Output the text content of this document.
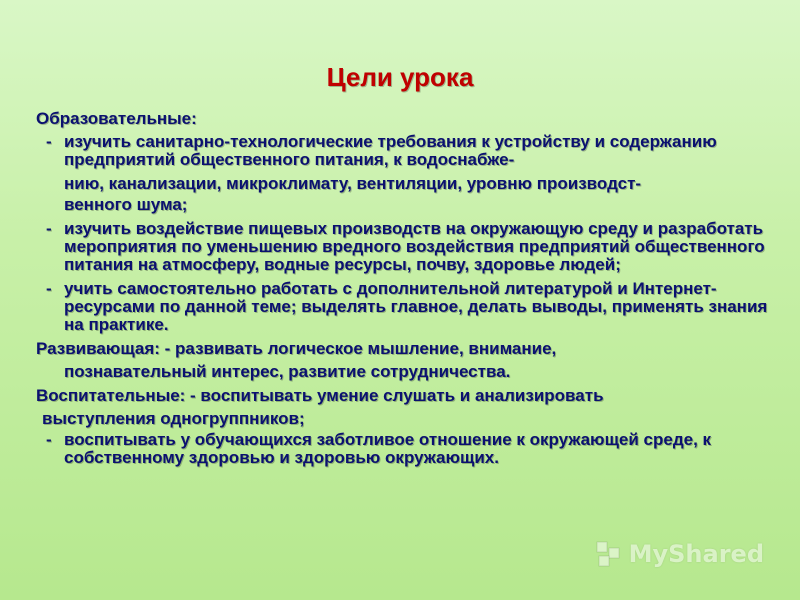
Цели урока
Образовательные:
- изучить санитарно-технологические требования к устройству и содержанию предприятий общественного питания, к водоснабже-
нию, канализации, микроклимату, вентиляции, уровню производст-
венного шума;
- изучить воздействие пищевых производств на окружающую среду и разработать мероприятия по уменьшению вредного воздействия предприятий общественного питания на атмосферу, водные ресурсы, почву, здоровье людей;
- учить самостоятельно работать с дополнительной литературой и Интернет-ресурсами по данной теме; выделять главное, делать выводы, применять знания на практике.
Развивающая: - развивать логическое мышление, внимание,
познавательный интерес, развитие сотрудничества.
Воспитательные: - воспитывать умение слушать и анализировать
выступления одногруппников;
- воспитывать у обучающихся заботливое отношение к окружающей среде, к собственному здоровью и здоровью окружающих.
MyShared
